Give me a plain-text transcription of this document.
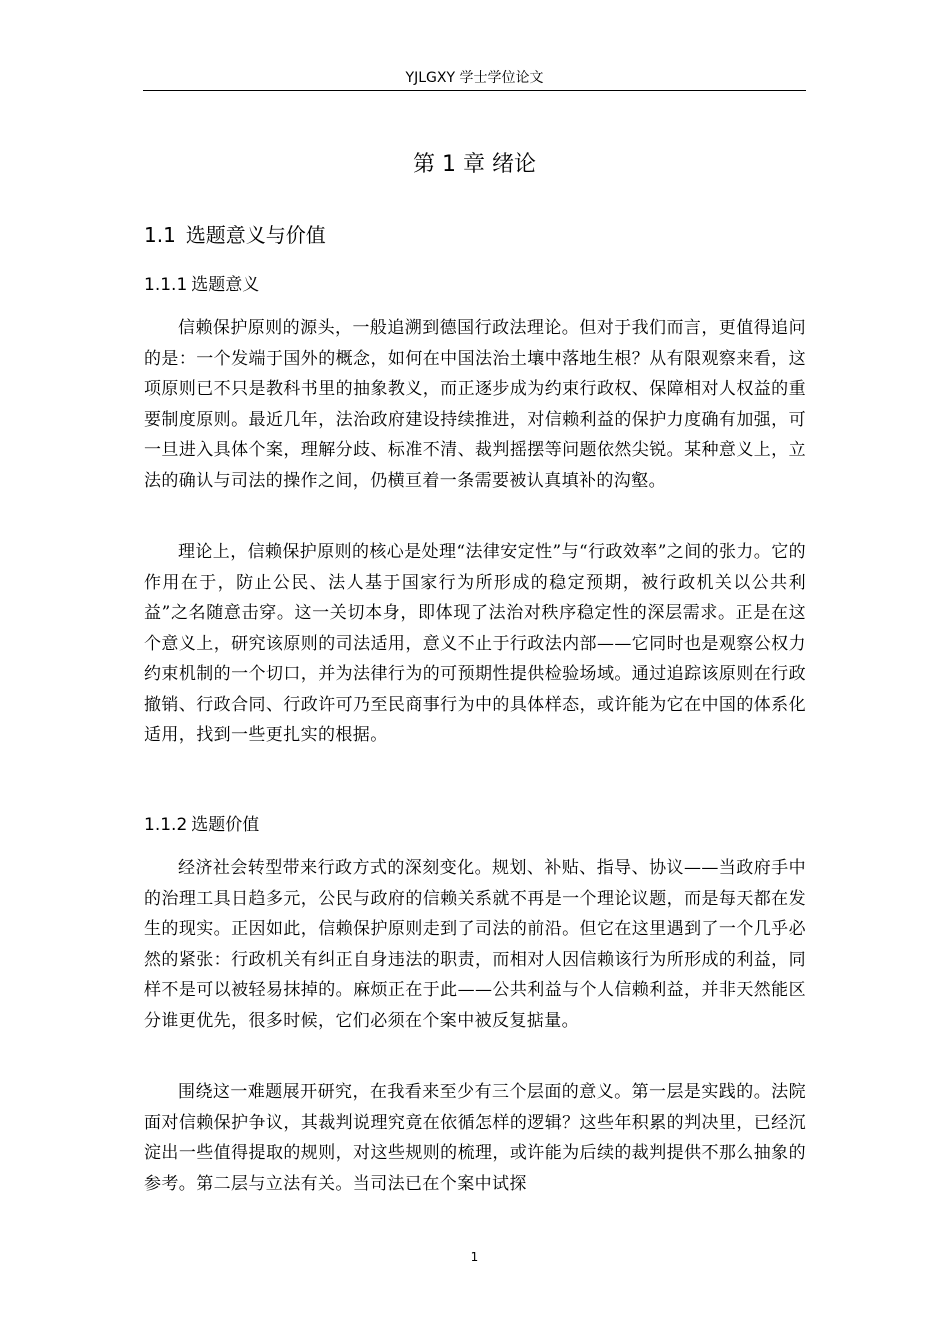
YJLGXY 学士学位论文
第 1 章 绪论
1.1 选题意义与价值
1.1.1 选题意义

信赖保护原则的源头，一般追溯到德国行政法理论。但对于我们而言，更值得追问的是：一个发端于国外的概念，如何在中国法治土壤中落地生根？从有限观察来看，这项原则已不只是教科书里的抽象教义，而正逐步成为约束行政权、保障相对人权益的重要制度原则。最近几年，法治政府建设持续推进，对信赖利益的保护力度确有加强，可一旦进入具体个案，理解分歧、标准不清、裁判摇摆等问题依然尖锐。某种意义上，立法的确认与司法的操作之间，仍横亘着一条需要被认真填补的沟壑。

理论上，信赖保护原则的核心是处理“法律安定性”与“行政效率”之间的张力。它的作用在于，防止公民、法人基于国家行为所形成的稳定预期，被行政机关以公共利益”之名随意击穿。这一关切本身，即体现了法治对秩序稳定性的深层需求。正是在这个意义上，研究该原则的司法适用，意义不止于行政法内部——它同时也是观察公权力约束机制的一个切口，并为法律行为的可预期性提供检验场域。通过追踪该原则在行政撤销、行政合同、行政许可乃至民商事行为中的具体样态，或许能为它在中国的体系化适用，找到一些更扎实的根据。

1.1.2 选题价值

经济社会转型带来行政方式的深刻变化。规划、补贴、指导、协议——当政府手中的治理工具日趋多元，公民与政府的信赖关系就不再是一个理论议题，而是每天都在发生的现实。正因如此，信赖保护原则走到了司法的前沿。但它在这里遇到了一个几乎必然的紧张：行政机关有纠正自身违法的职责，而相对人因信赖该行为所形成的利益，同样不是可以被轻易抹掉的。麻烦正在于此——公共利益与个人信赖利益，并非天然能区分谁更优先，很多时候，它们必须在个案中被反复掂量。

围绕这一难题展开研究，在我看来至少有三个层面的意义。第一层是实践的。法院面对信赖保护争议，其裁判说理究竟在依循怎样的逻辑？这些年积累的判决里，已经沉淀出一些值得提取的规则，对这些规则的梳理，或许能为后续的裁判提供不那么抽象的参考。第二层与立法有关。当司法已在个案中试探

1
